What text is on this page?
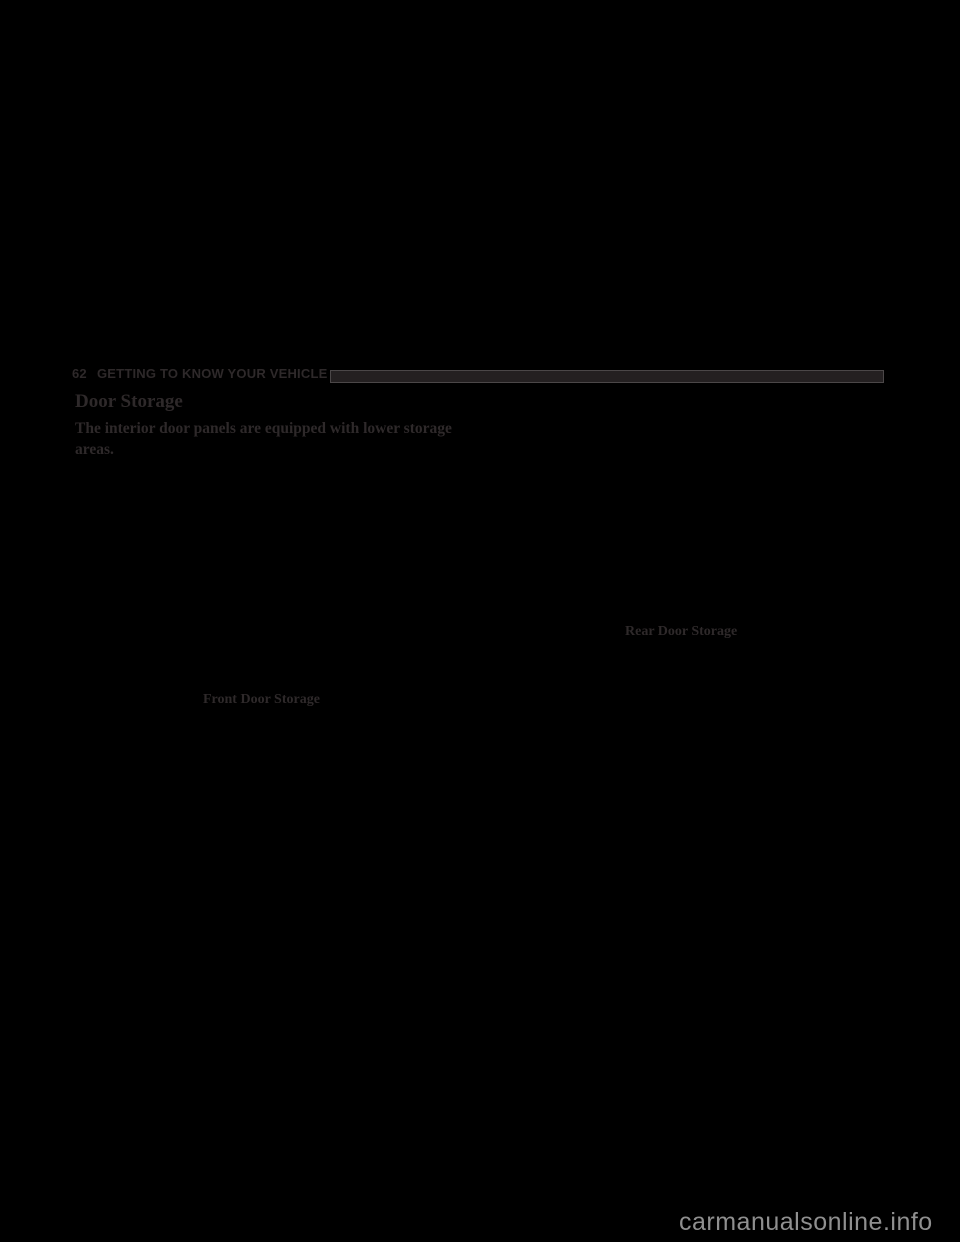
62 GETTING TO KNOW YOUR VEHICLE
Door Storage

The interior door panels are equipped with lower storage areas.

Rear Door Storage

Front Door Storage

carmanualsonline.info
